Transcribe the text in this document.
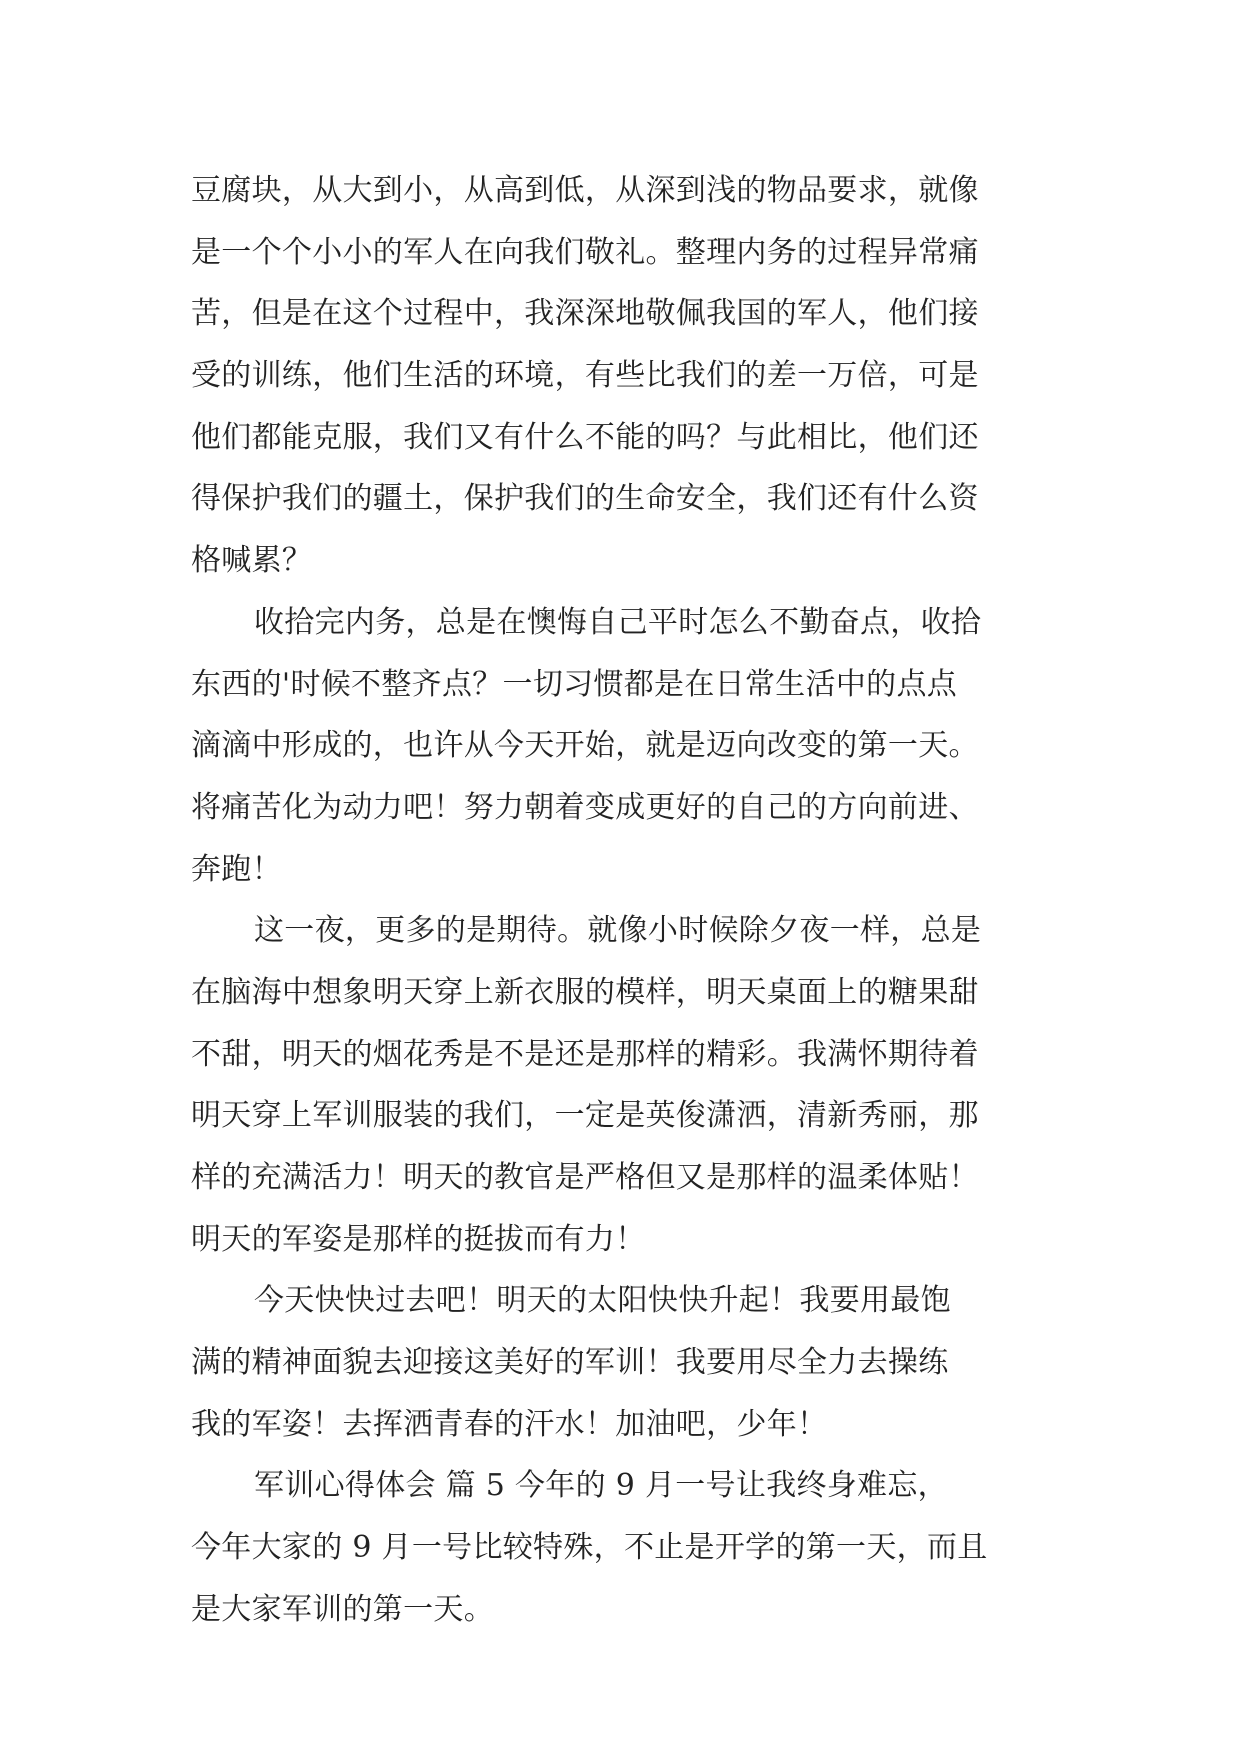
豆腐块，从大到小，从高到低，从深到浅的物品要求，就像
是一个个小小的军人在向我们敬礼。整理内务的过程异常痛
苦，但是在这个过程中，我深深地敬佩我国的军人，他们接
受的训练，他们生活的环境，有些比我们的差一万倍，可是
他们都能克服，我们又有什么不能的吗？与此相比，他们还
得保护我们的疆土，保护我们的生命安全，我们还有什么资
格喊累？
收拾完内务，总是在懊悔自己平时怎么不勤奋点，收拾
东西的'时候不整齐点？一切习惯都是在日常生活中的点点
滴滴中形成的，也许从今天开始，就是迈向改变的第一天。
将痛苦化为动力吧！努力朝着变成更好的自己的方向前进、
奔跑！
这一夜，更多的是期待。就像小时候除夕夜一样，总是
在脑海中想象明天穿上新衣服的模样，明天桌面上的糖果甜
不甜，明天的烟花秀是不是还是那样的精彩。我满怀期待着
明天穿上军训服装的我们，一定是英俊潇洒，清新秀丽，那
样的充满活力！明天的教官是严格但又是那样的温柔体贴！
明天的军姿是那样的挺拔而有力！
今天快快过去吧！明天的太阳快快升起！我要用最饱
满的精神面貌去迎接这美好的军训！我要用尽全力去操练
我的军姿！去挥洒青春的汗水！加油吧，少年！
军训心得体会 篇 5 今年的 9 月一号让我终身难忘，
今年大家的 9 月一号比较特殊，不止是开学的第一天，而且
是大家军训的第一天。
